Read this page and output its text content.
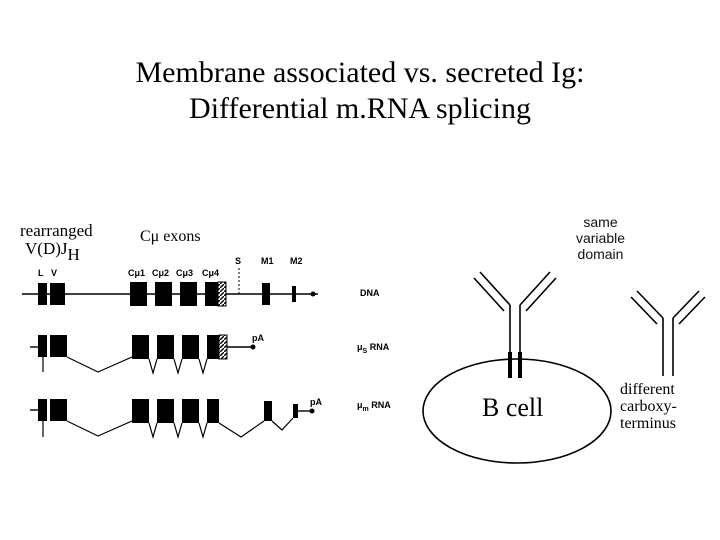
Membrane associated vs. secreted Ig:
Differential m.RNA splicing
rearranged
$V(D)J_H$
Cμ exons
L V	Cμ1 Cμ2 Cμ3 Cμ4
S M1 M2
DNA
$\mu_S$ RNA
$\mu_m$ RNA
pA
pA
same
variable
domain
different
carboxy-
terminus
B cell
